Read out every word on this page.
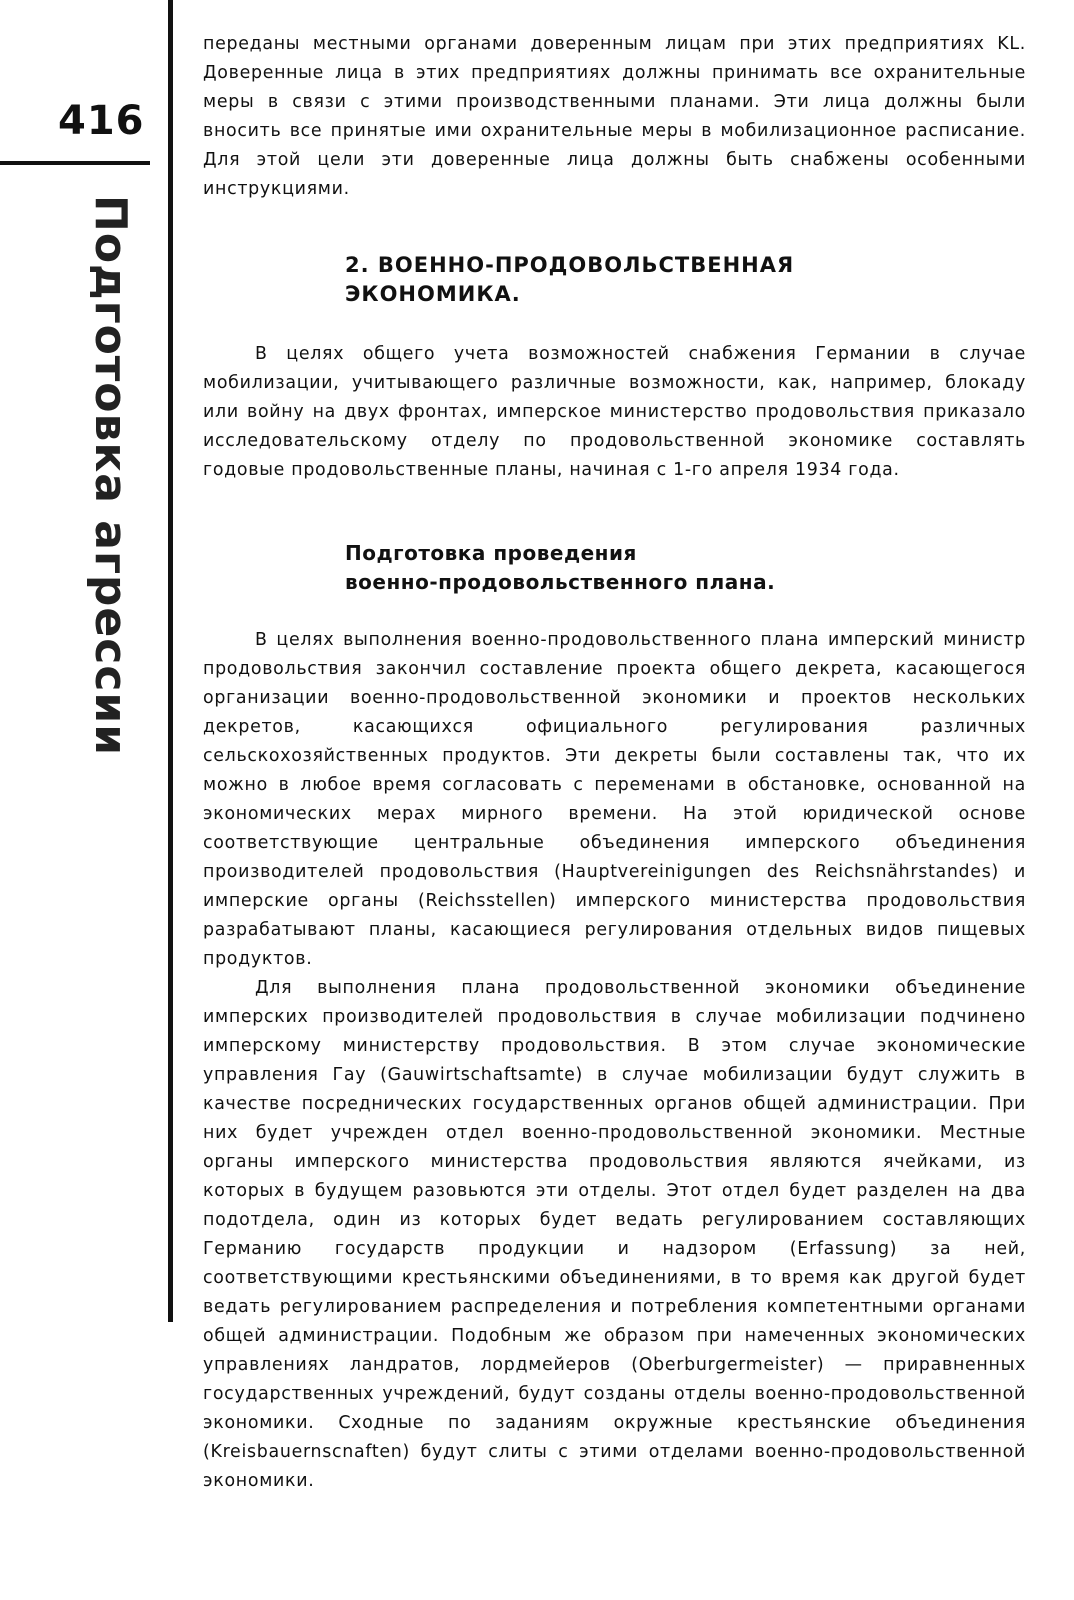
416
Подготовка агрессии

переданы местными органами доверенным лицам при этих предприятиях KL. Доверенные лица в этих предприятиях должны принимать все охранительные меры в связи с этими производственными планами. Эти лица должны были вносить все принятые ими охранительные меры в мобилизационное расписание. Для этой цели эти доверенные лица должны быть снабжены особенными инструкциями.

2. ВОЕННО-ПРОДОВОЛЬСТВЕННАЯ
ЭКОНОМИКА.

В целях общего учета возможностей снабжения Германии в случае мобилизации, учитывающего различные возможности, как, например, блокаду или войну на двух фронтах, имперское министерство продовольствия приказало исследовательскому отделу по продовольственной экономике составлять годовые продовольственные планы, начиная с 1-го апреля 1934 года.

Подготовка проведения
военно-продовольственного плана.

В целях выполнения военно-продовольственного плана имперский министр продовольствия закончил составление проекта общего декрета, касающегося организации военно-продовольственной экономики и проектов нескольких декретов, касающихся официального регулирования различных сельскохозяйственных продуктов. Эти декреты были составлены так, что их можно в любое время согласовать с переменами в обстановке, основанной на экономических мерах мирного времени. На этой юридической основе соответствующие центральные объединения имперского объединения производителей продовольствия (Hauptvereinigungen des Reichsnährstandes) и имперские органы (Reichsstellen) имперского министерства продовольствия разрабатывают планы, касающиеся регулирования отдельных видов пищевых продуктов.

Для выполнения плана продовольственной экономики объединение имперских производителей продовольствия в случае мобилизации подчинено имперскому министерству продовольствия. В этом случае экономические управления Гау (Gauwirtschaftsamte) в случае мобилизации будут служить в качестве посреднических государственных органов общей администрации. При них будет учрежден отдел военно-продовольственной экономики. Местные органы имперского министерства продовольствия являются ячейками, из которых в будущем разовьются эти отделы. Этот отдел будет разделен на два подотдела, один из которых будет ведать регулированием составляющих Германию государств продукции и надзором (Erfassung) за ней, соответствующими крестьянскими объединениями, в то время как другой будет ведать регулированием распределения и потребления компетентными органами общей администрации. Подобным же образом при намеченных экономических управлениях ландратов, лордмейеров (Oberburgermeister) — приравненных государственных учреждений, будут созданы отделы военно-продовольственной экономики. Сходные по заданиям окружные крестьянские объединения (Kreisbauernscnaften) будут слиты с этими отделами военно-продовольственной экономики.
